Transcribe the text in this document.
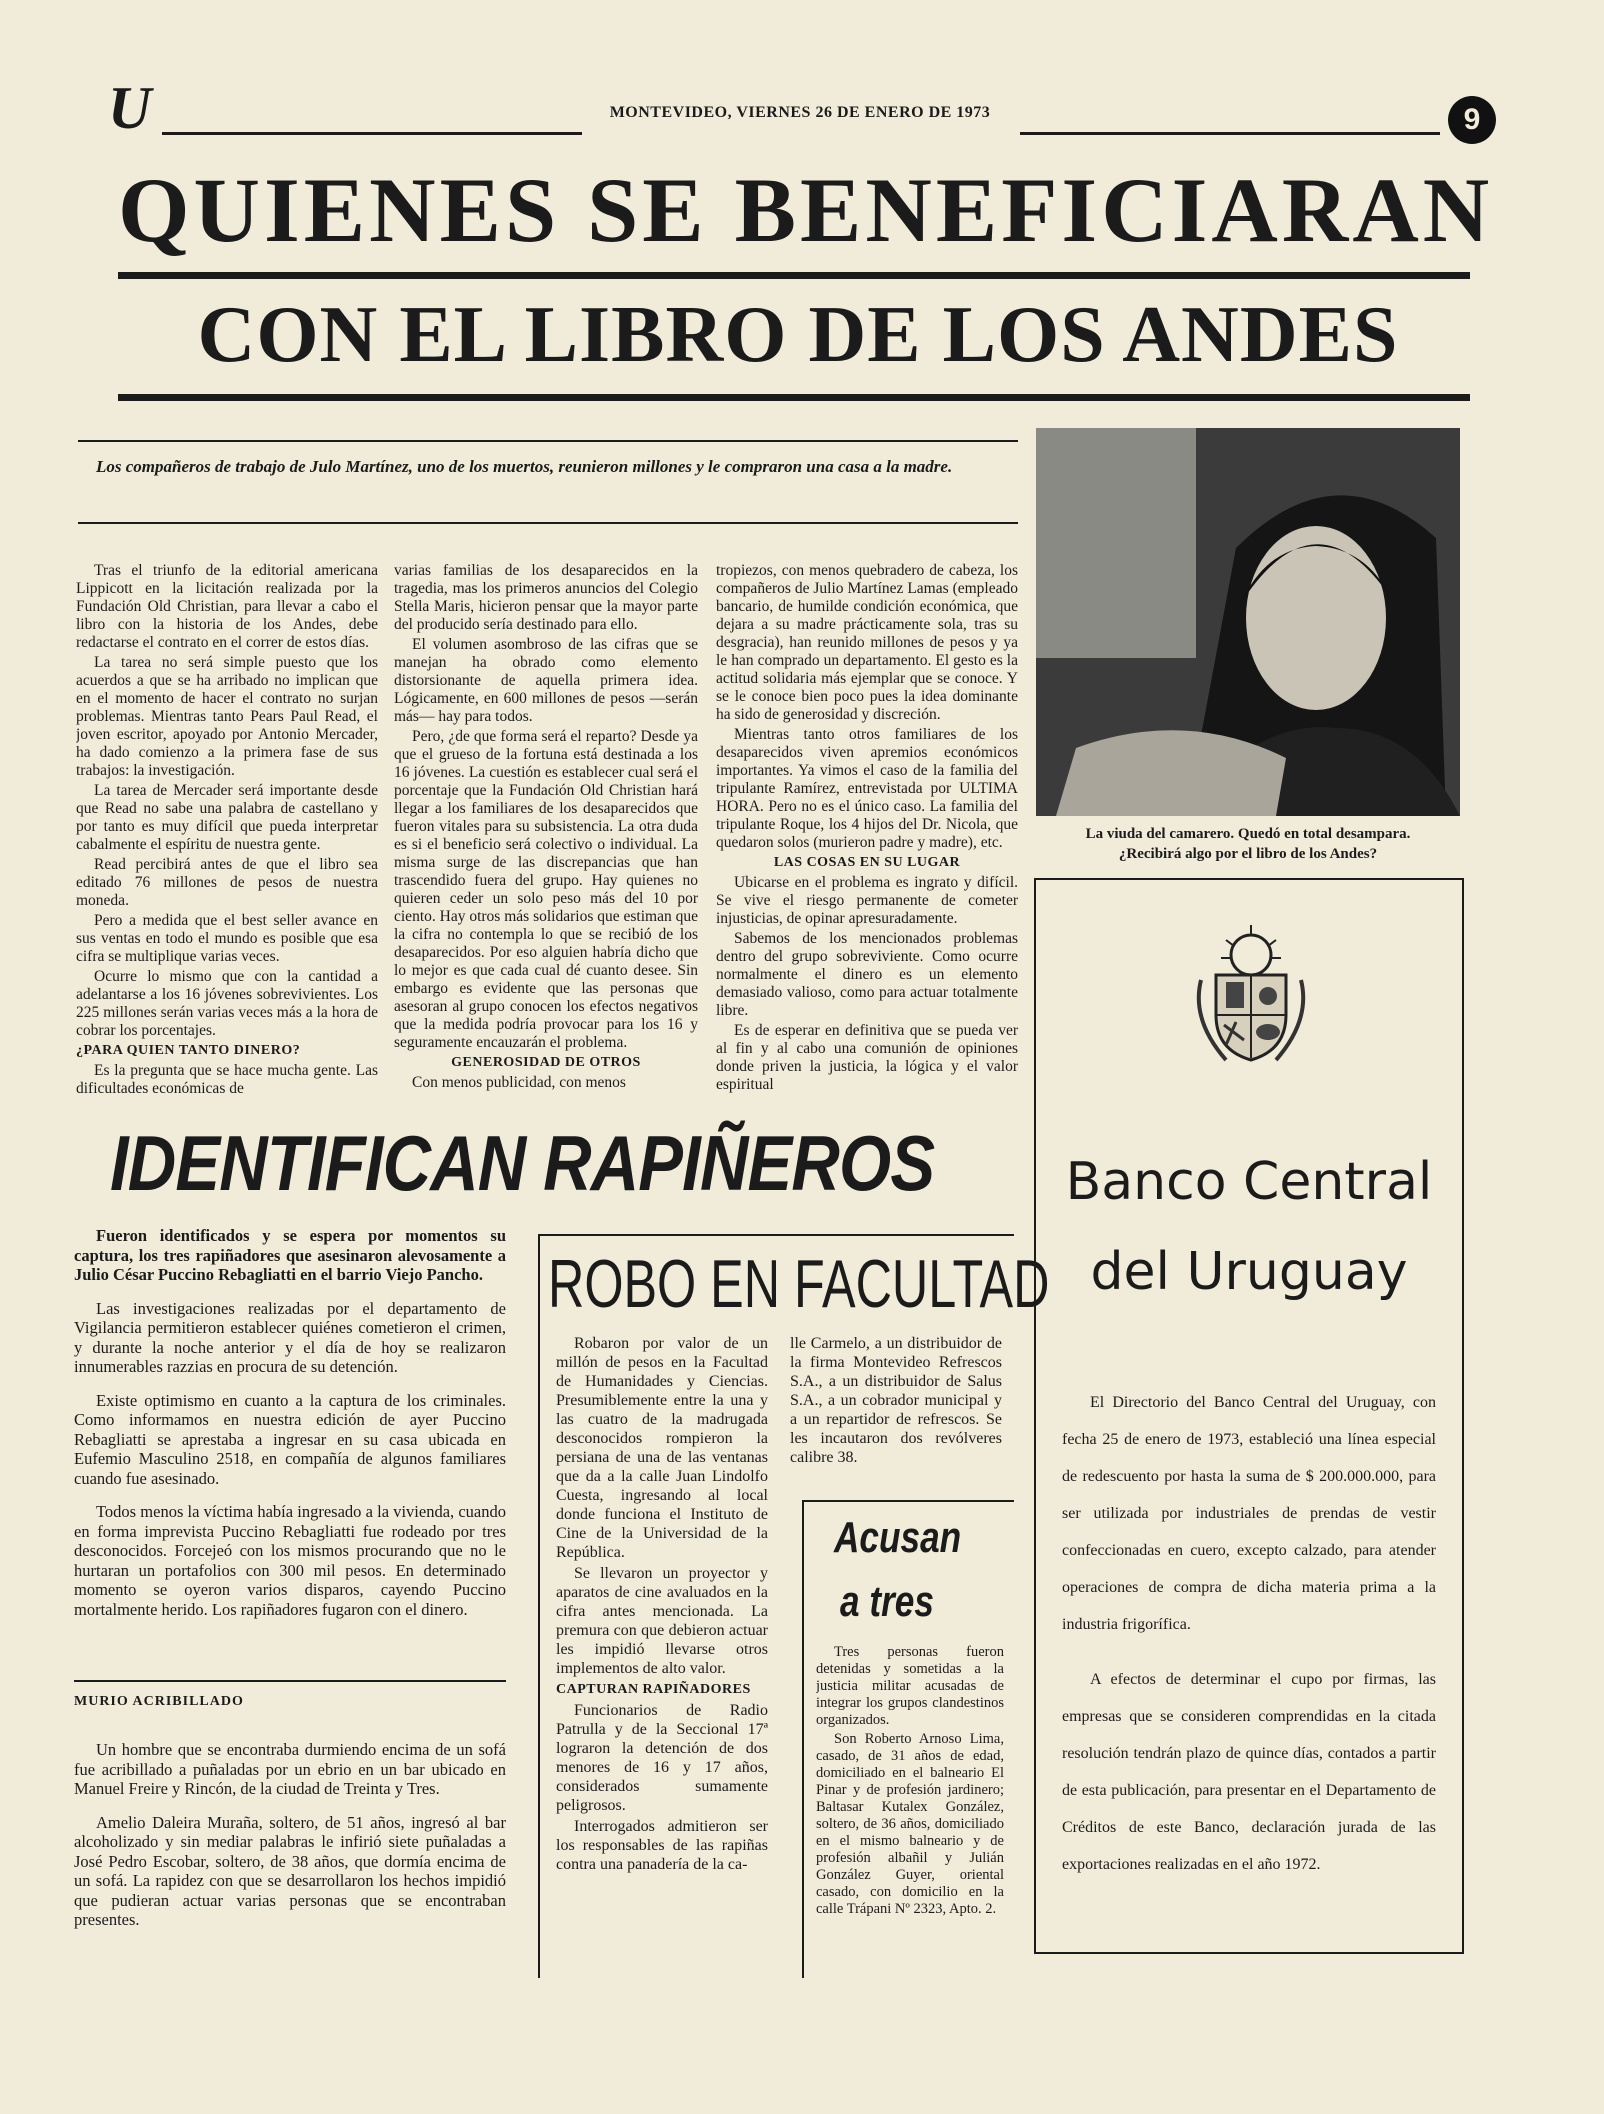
U	MONTEVIDEO, VIERNES 26 DE ENERO DE 1973	9
QUIENES SE BENEFICIARAN
CON EL LIBRO DE LOS ANDES
Los compañeros de trabajo de Julo Martínez, uno de los muertos, reunieron millones y le compraron una casa a la madre.
La viuda del camarero. Quedó en total desampara.
¿Recibirá algo por el libro de los Andes?

Tras el triunfo de la editorial americana Lippicott en la licitación realizada por la Fundación Old Christian, para llevar a cabo el libro con la historia de los Andes, debe redactarse el contrato en el correr de estos días.

La tarea no será simple puesto que los acuerdos a que se ha arribado no implican que en el momento de hacer el contrato no surjan problemas. Mientras tanto Pears Paul Read, el joven escritor, apoyado por Antonio Mercader, ha dado comienzo a la primera fase de sus trabajos: la investigación.

La tarea de Mercader será importante desde que Read no sabe una palabra de castellano y por tanto es muy difícil que pueda interpretar cabalmente el espíritu de nuestra gente.

Read percibirá antes de que el libro sea editado 76 millones de pesos de nuestra moneda.

Pero a medida que el best seller avance en sus ventas en todo el mundo es posible que esa cifra se multiplique varias veces.

Ocurre lo mismo que con la cantidad a adelantarse a los 16 jóvenes sobrevivientes. Los 225 millones serán varias veces más a la hora de cobrar los porcentajes.

¿PARA QUIEN TANTO DINERO?

Es la pregunta que se hace mucha gente. Las dificultades económicas de

varias familias de los desaparecidos en la tragedia, mas los primeros anuncios del Colegio Stella Maris, hicieron pensar que la mayor parte del producido sería destinado para ello.

El volumen asombroso de las cifras que se manejan ha obrado como elemento distorsionante de aquella primera idea. Lógicamente, en 600 millones de pesos —serán más— hay para todos.

Pero, ¿de que forma será el reparto? Desde ya que el grueso de la fortuna está destinada a los 16 jóvenes. La cuestión es establecer cual será el porcentaje que la Fundación Old Christian hará llegar a los familiares de los desaparecidos que fueron vitales para su subsistencia. La otra duda es si el beneficio será colectivo o individual. La misma surge de las discrepancias que han trascendido fuera del grupo. Hay quienes no quieren ceder un solo peso más del 10 por ciento. Hay otros más solidarios que estiman que la cifra no contempla lo que se recibió de los desaparecidos. Por eso alguien habría dicho que lo mejor es que cada cual dé cuanto desee. Sin embargo es evidente que las personas que asesoran al grupo conocen los efectos negativos que la medida podría provocar para los 16 y seguramente encauzarán el problema.

GENEROSIDAD DE OTROS

Con menos publicidad, con menos

tropiezos, con menos quebradero de cabeza, los compañeros de Julio Martínez Lamas (empleado bancario, de humilde condición económica, que dejara a su madre prácticamente sola, tras su desgracia), han reunido millones de pesos y ya le han comprado un departamento. El gesto es la actitud solidaria más ejemplar que se conoce. Y se le conoce bien poco pues la idea dominante ha sido de generosidad y discreción.

Mientras tanto otros familiares de los desaparecidos viven apremios económicos importantes. Ya vimos el caso de la familia del tripulante Ramírez, entrevistada por ULTIMA HORA. Pero no es el único caso. La familia del tripulante Roque, los 4 hijos del Dr. Nicola, que quedaron solos (murieron padre y madre), etc.

LAS COSAS EN SU LUGAR

Ubicarse en el problema es ingrato y difícil. Se vive el riesgo permanente de cometer injusticias, de opinar apresuradamente.

Sabemos de los mencionados problemas dentro del grupo sobreviviente. Como ocurre normalmente el dinero es un elemento demasiado valioso, como para actuar totalmente libre.

Es de esperar en definitiva que se pueda ver al fin y al cabo una comunión de opiniones donde priven la justicia, la lógica y el valor espiritual

IDENTIFICAN RAPIÑEROS

Fueron identificados y se espera por momentos su captura, los tres rapiñadores que asesinaron alevosamente a Julio César Puccino Rebagliatti en el barrio Viejo Pancho.

Las investigaciones realizadas por el departamento de Vigilancia permitieron establecer quiénes cometieron el crimen, y durante la noche anterior y el día de hoy se realizaron innumerables razzias en procura de su detención.

Existe optimismo en cuanto a la captura de los criminales. Como informamos en nuestra edición de ayer Puccino Rebagliatti se aprestaba a ingresar en su casa ubicada en Eufemio Masculino 2518, en compañía de algunos familiares cuando fue asesinado.

Todos menos la víctima había ingresado a la vivienda, cuando en forma imprevista Puccino Rebagliatti fue rodeado por tres desconocidos. Forcejeó con los mismos procurando que no le hurtaran un portafolios con 300 mil pesos. En determinado momento se oyeron varios disparos, cayendo Puccino mortalmente herido. Los rapiñadores fugaron con el dinero.

MURIO ACRIBILLADO

Un hombre que se encontraba durmiendo encima de un sofá fue acribillado a puñaladas por un ebrio en un bar ubicado en Manuel Freire y Rincón, de la ciudad de Treinta y Tres.

Amelio Daleira Muraña, soltero, de 51 años, ingresó al bar alcoholizado y sin mediar palabras le infirió siete puñaladas a José Pedro Escobar, soltero, de 38 años, que dormía encima de un sofá. La rapidez con que se desarrollaron los hechos impidió que pudieran actuar varias personas que se encontraban presentes.

ROBO EN FACULTAD

Robaron por valor de un millón de pesos en la Facultad de Humanidades y Ciencias. Presumiblemente entre la una y las cuatro de la madrugada desconocidos rompieron la persiana de una de las ventanas que da a la calle Juan Lindolfo Cuesta, ingresando al local donde funciona el Instituto de Cine de la Universidad de la República.

Se llevaron un proyector y aparatos de cine avaluados en la cifra antes mencionada. La premura con que debieron actuar les impidió llevarse otros implementos de alto valor.

CAPTURAN RAPIÑADORES

Funcionarios de Radio Patrulla y de la Seccional 17ª lograron la detención de dos menores de 16 y 17 años, considerados sumamente peligrosos.

Interrogados admitieron ser los responsables de las rapiñas contra una panadería de la ca-

lle Carmelo, a un distribuidor de la firma Montevideo Refrescos S.A., a un distribuidor de Salus S.A., a un cobrador municipal y a un repartidor de refrescos. Se les incautaron dos revólveres calibre 38.

Acusan
a tres

Tres personas fueron detenidas y sometidas a la justicia militar acusadas de integrar los grupos clandestinos organizados.

Son Roberto Arnoso Lima, casado, de 31 años de edad, domiciliado en el balneario El Pinar y de profesión jardinero; Baltasar Kutalex González, soltero, de 36 años, domiciliado en el mismo balneario y de profesión albañil y Julián González Guyer, oriental casado, con domicilio en la calle Trápani Nº 2323, Apto. 2.

Banco Central
del Uruguay

El Directorio del Banco Central del Uruguay, con fecha 25 de enero de 1973, estableció una línea especial de redescuento por hasta la suma de $ 200.000.000, para ser utilizada por industriales de prendas de vestir confeccionadas en cuero, excepto calzado, para atender operaciones de compra de dicha materia prima a la industria frigorífica.

A efectos de determinar el cupo por firmas, las empresas que se consideren comprendidas en la citada resolución tendrán plazo de quince días, contados a partir de esta publicación, para presentar en el Departamento de Créditos de este Banco, declaración jurada de las exportaciones realizadas en el año 1972.
